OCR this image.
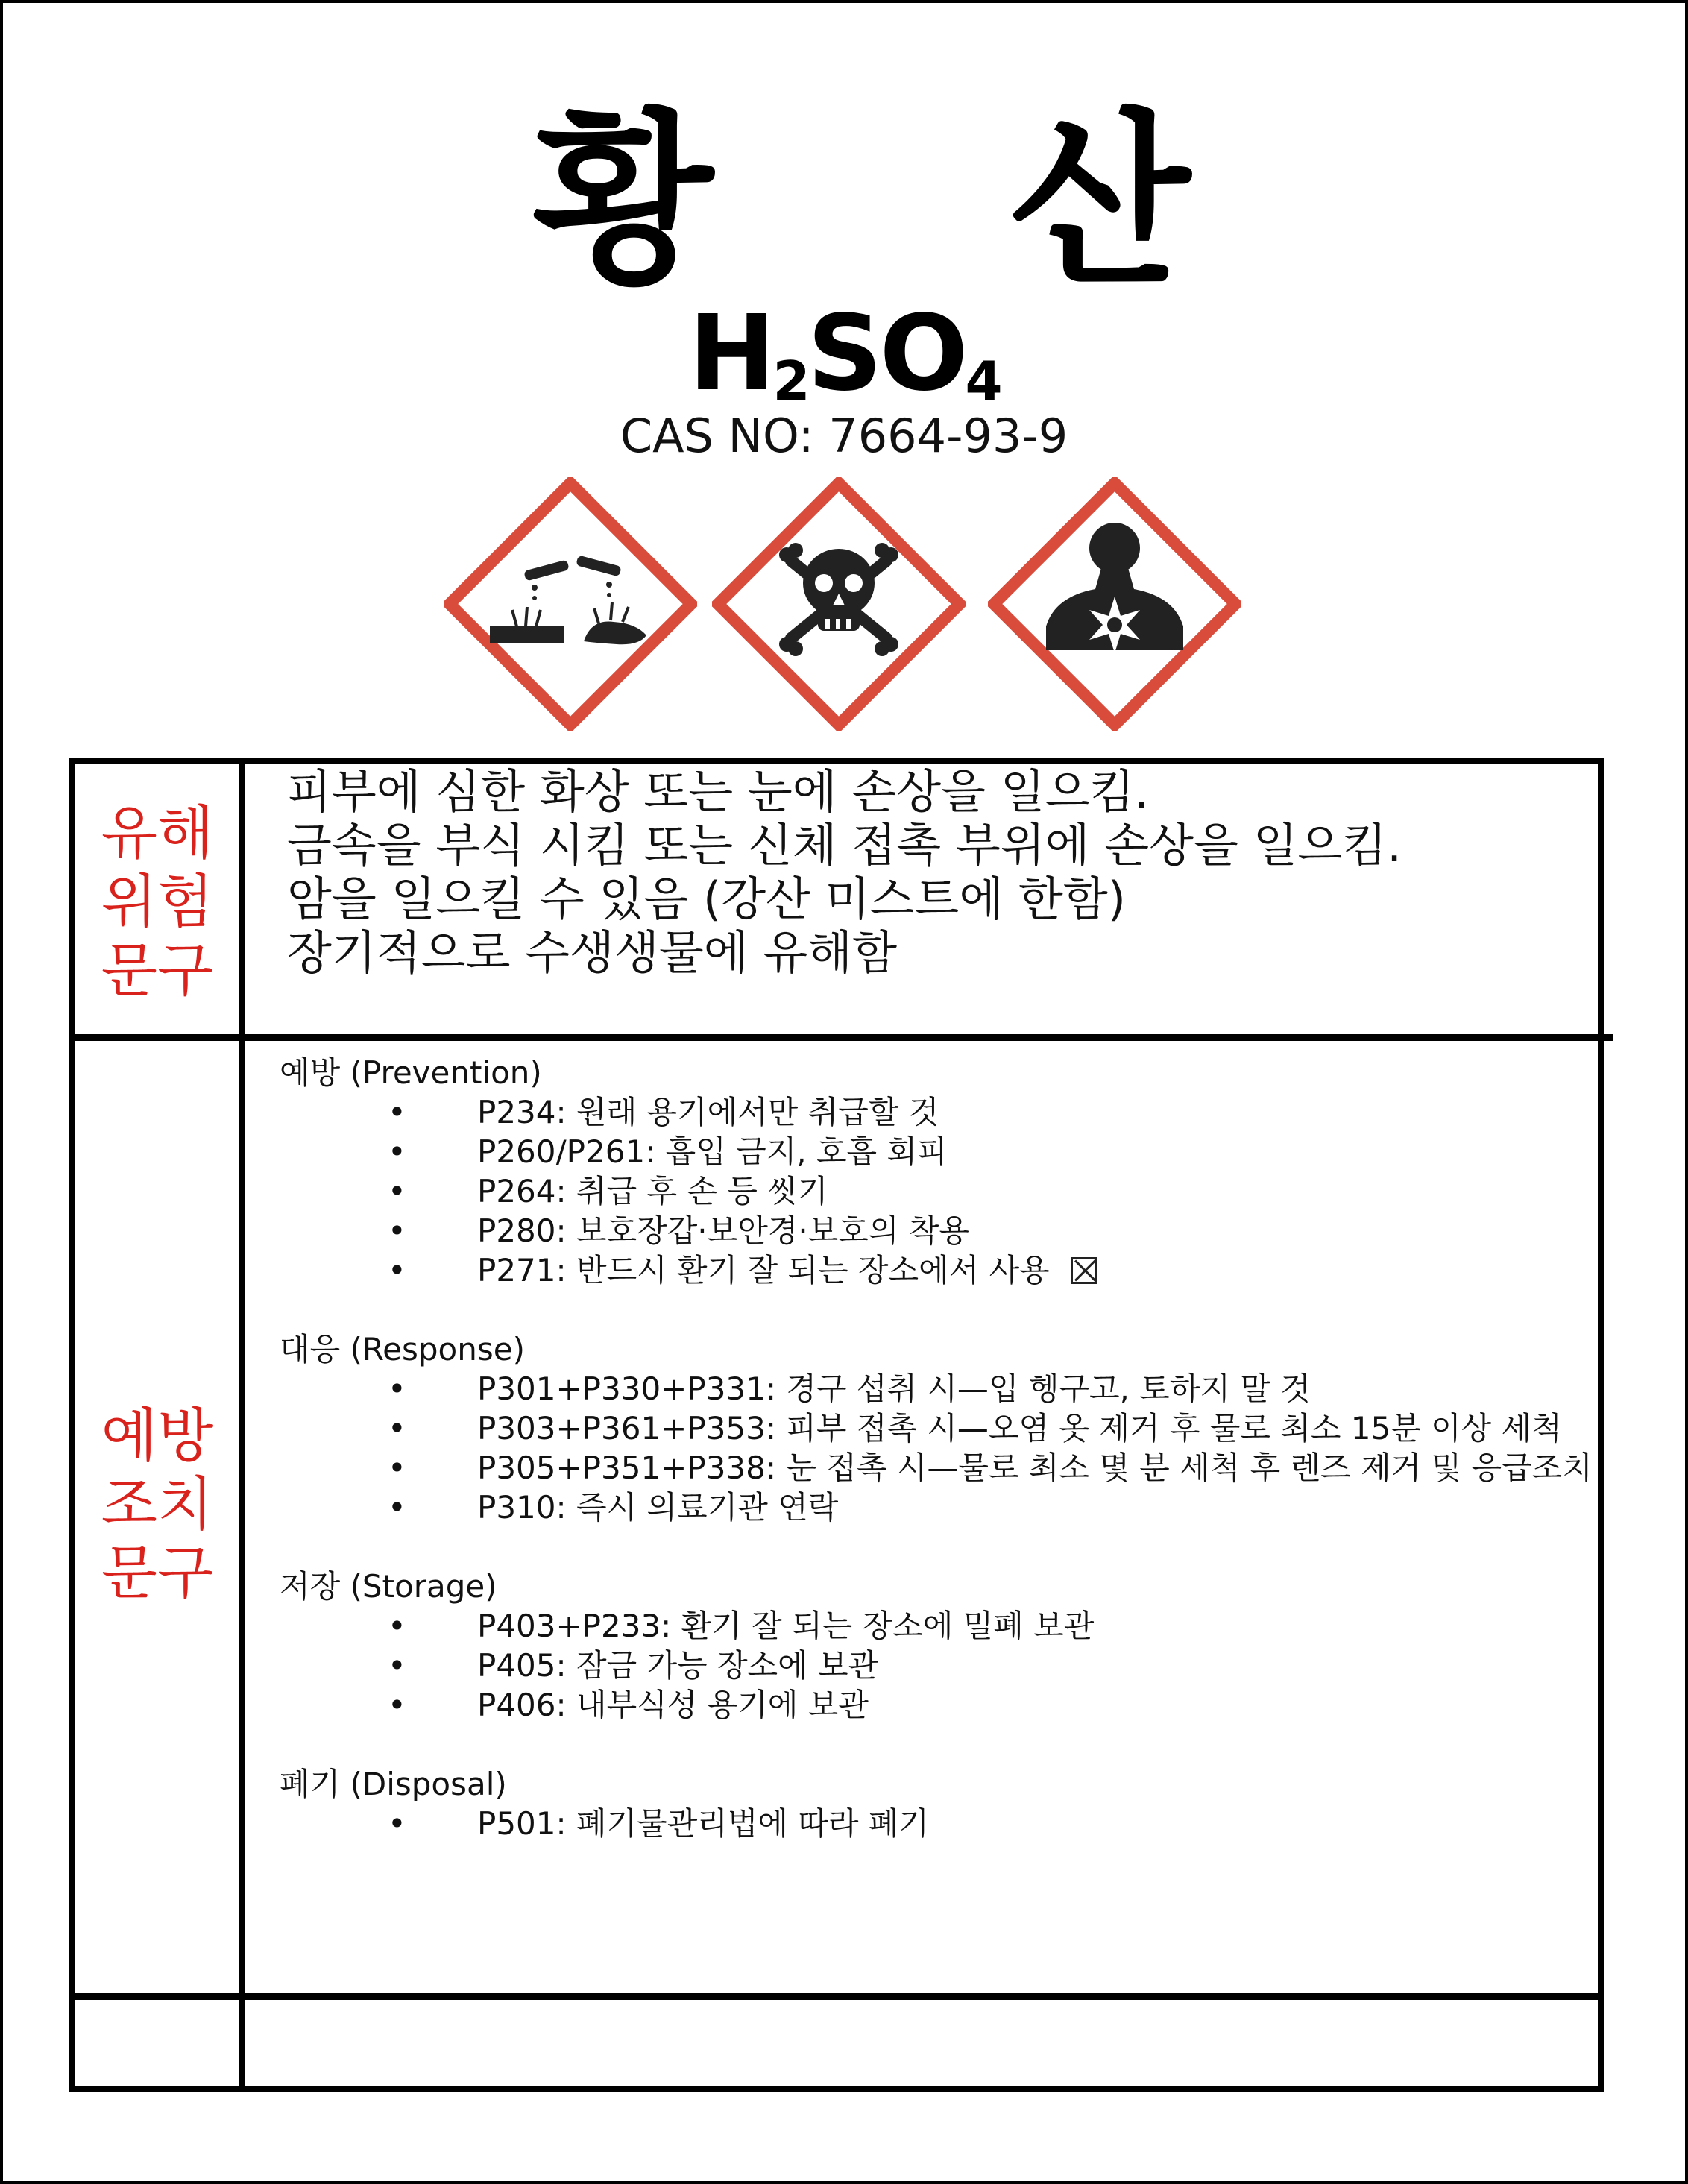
황 산
$H_2SO_4$
CAS NO: 7664-93-9
유해
위험
문구
피부에 심한 화상 또는 눈에 손상을 일으킴.
금속을 부식 시킴 또는 신체 접촉 부위에 손상을 일으킴.
암을 일으킬 수 있음 (강산 미스트에 한함)
장기적으로 수생생물에 유해함
예방
조치
문구
예방 (Prevention)
• P234: 원래 용기에서만 취급할 것
• P260/P261: 흡입 금지, 호흡 회피
• P264: 취급 후 손 등 씻기
• P280: 보호장갑·보안경·보호의 착용
• P271: 반드시 환기 잘 되는 장소에서 사용
대응 (Response)
• P301+P330+P331: 경구 섭취 시—입 헹구고, 토하지 말 것
• P303+P361+P353: 피부 접촉 시—오염 옷 제거 후 물로 최소 15분 이상 세척
• P305+P351+P338: 눈 접촉 시—물로 최소 몇 분 세척 후 렌즈 제거 및 응급조치
• P310: 즉시 의료기관 연락
저장 (Storage)
• P403+P233: 환기 잘 되는 장소에 밀폐 보관
• P405: 잠금 가능 장소에 보관
• P406: 내부식성 용기에 보관
폐기 (Disposal)
• P501: 폐기물관리법에 따라 폐기
